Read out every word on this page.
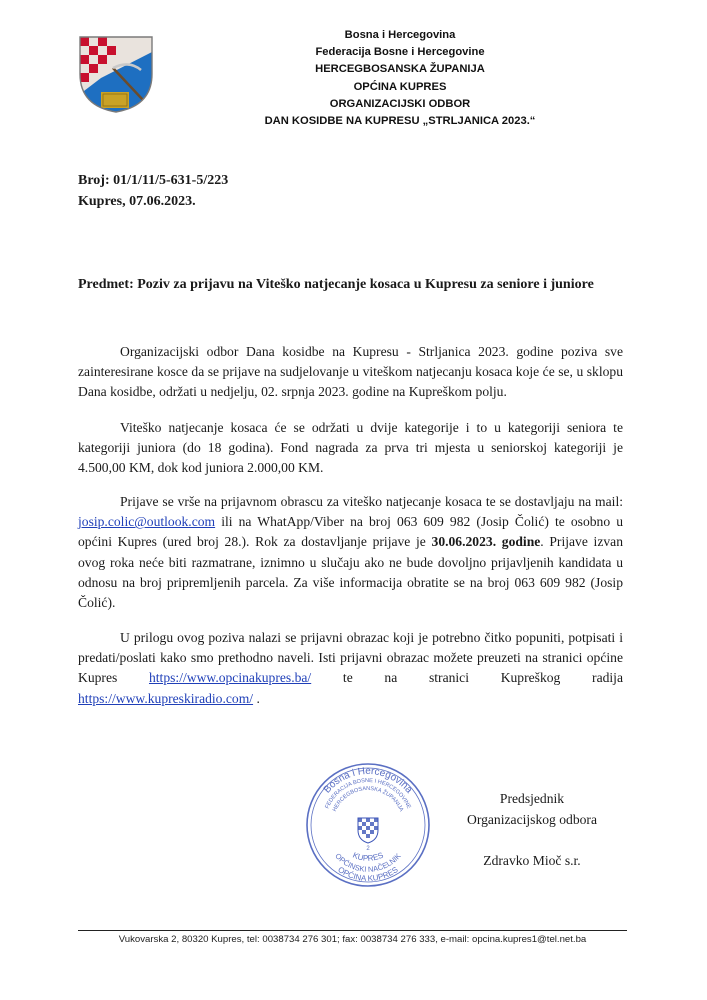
Bosna i Hercegovina
Federacija Bosne i Hercegovine
HERCEGBOSANSKA ŽUPANIJA
OPĆINA KUPRES
ORGANIZACIJSKI ODBOR
DAN KOSIDBE NA KUPRESU „STRLJANICA 2023.“
Broj: 01/1/11/5-631-5/223
Kupres, 07.06.2023.
Predmet: Poziv za prijavu na Viteško natjecanje kosaca u Kupresu za seniore i juniore
Organizacijski odbor Dana kosidbe na Kupresu - Strljanica 2023. godine poziva sve zainteresirane kosce da se prijave na sudjelovanje u viteškom natjecanju kosaca koje će se, u sklopu Dana kosidbe, održati u nedjelju, 02. srpnja 2023. godine na Kupreškom polju.
Viteško natjecanje kosaca će se održati u dvije kategorije i to u kategoriji seniora te kategoriji juniora (do 18 godina). Fond nagrada za prva tri mjesta u seniorskoj kategoriji je 4.500,00 KM, dok kod juniora 2.000,00 KM.
Prijave se vrše na prijavnom obrascu za viteško natjecanje kosaca te se dostavljaju na mail: josip.colic@outlook.com ili na WhatApp/Viber na broj 063 609 982 (Josip Čolić) te osobno u općini Kupres (ured broj 28.). Rok za dostavljanje prijave je 30.06.2023. godine. Prijave izvan ovog roka neće biti razmatrane, iznimno u slučaju ako ne bude dovoljno prijavljenih kandidata u odnosu na broj pripremljenih parcela. Za više informacija obratite se na broj 063 609 982 (Josip Čolić).
U prilogu ovog poziva nalazi se prijavni obrazac koji je potrebno čitko popuniti, potpisati i predati/poslati kako smo prethodno naveli. Isti prijavni obrazac možete preuzeti na stranici općine Kupres https://www.opcinakupres.ba/ te na stranici Kupreškog radija https://www.kupreskiradio.com/ .
Bosna i Hercegovina
FEDERACIJA BOSNE I HERCEGOVINE
HERCEGBOSANSKA ŽUPANIJA
KUPRES
OPĆINSKI NAČELNIK
OPĆINA KUPRES
2
Predsjednik
Organizacijskog odbora
Zdravko Mioč s.r.
Vukovarska 2, 80320 Kupres, tel: 0038734 276 301; fax: 0038734 276 333, e-mail: opcina.kupres1@tel.net.ba
